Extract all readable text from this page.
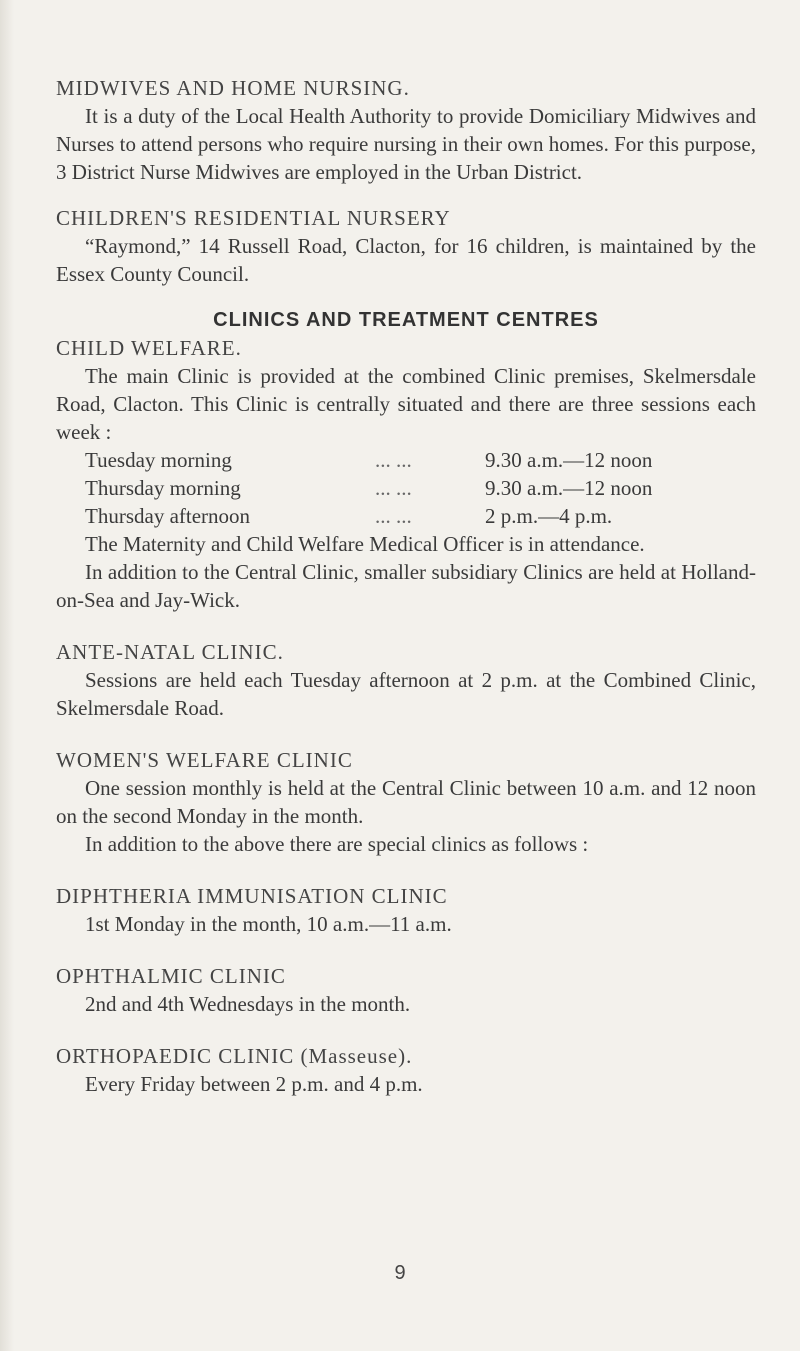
MIDWIVES AND HOME NURSING.

It is a duty of the Local Health Authority to provide Domiciliary Midwives and Nurses to attend persons who require nursing in their own homes. For this purpose, 3 District Nurse Midwives are employed in the Urban District.

CHILDREN'S RESIDENTIAL NURSERY

“Raymond,” 14 Russell Road, Clacton, for 16 children, is maintained by the Essex County Council.

CLINICS AND TREATMENT CENTRES

CHILD WELFARE.

The main Clinic is provided at the combined Clinic premises, Skelmersdale Road, Clacton. This Clinic is centrally situated and there are three sessions each week :

Tuesday morning	... ...	9.30 a.m.—12 noon
Thursday morning	... ...	9.30 a.m.—12 noon
Thursday afternoon	... ...	2 p.m.—4 p.m.

The Maternity and Child Welfare Medical Officer is in attendance.

In addition to the Central Clinic, smaller subsidiary Clinics are held at Holland-on-Sea and Jay-Wick.

ANTE-NATAL CLINIC.

Sessions are held each Tuesday afternoon at 2 p.m. at the Combined Clinic, Skelmersdale Road.

WOMEN'S WELFARE CLINIC

One session monthly is held at the Central Clinic between 10 a.m. and 12 noon on the second Monday in the month.

In addition to the above there are special clinics as follows :

DIPHTHERIA IMMUNISATION CLINIC

1st Monday in the month, 10 a.m.—11 a.m.

OPHTHALMIC CLINIC

2nd and 4th Wednesdays in the month.

ORTHOPAEDIC CLINIC (Masseuse).

Every Friday between 2 p.m. and 4 p.m.

9
